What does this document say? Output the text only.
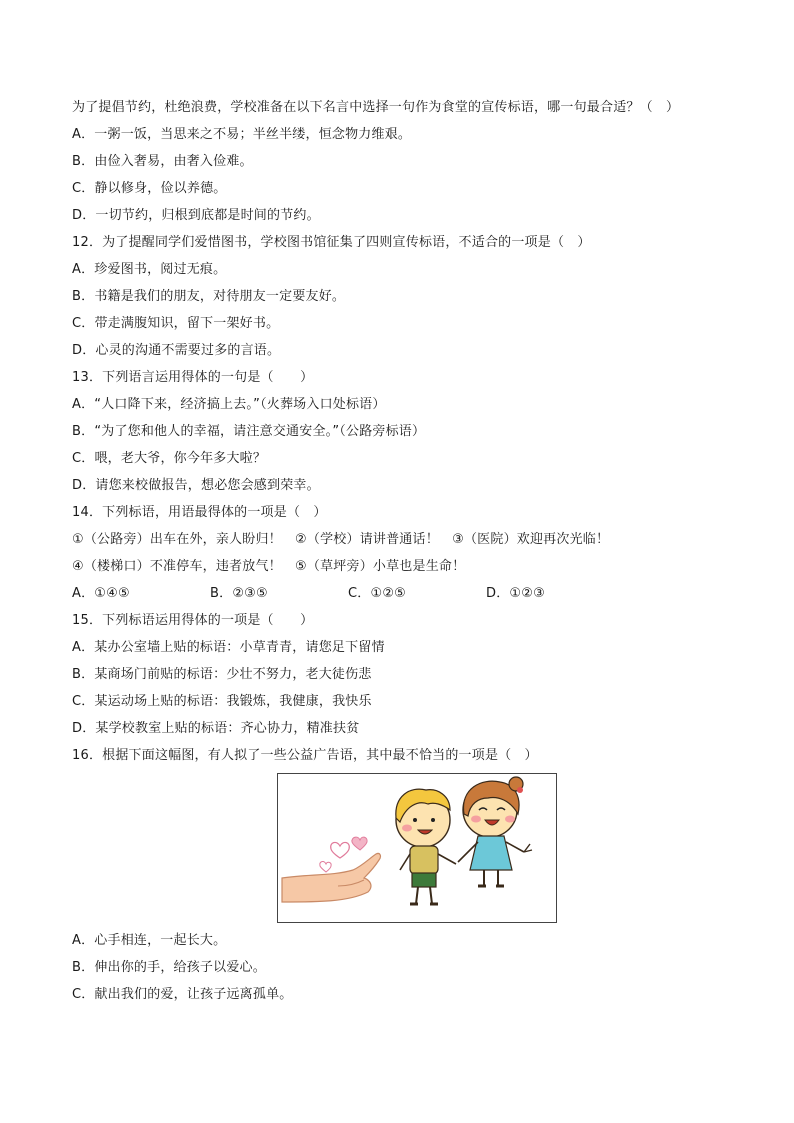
为了提倡节约，杜绝浪费，学校准备在以下名言中选择一句作为食堂的宣传标语，哪一句最合适？（　）
A．一粥一饭，当思来之不易；半丝半缕，恒念物力维艰。
B．由俭入奢易，由奢入俭难。
C．静以修身，俭以养德。
D．一切节约，归根到底都是时间的节约。
12．为了提醒同学们爱惜图书，学校图书馆征集了四则宣传标语，不适合的一项是（　）
A．珍爱图书，阅过无痕。
B．书籍是我们的朋友，对待朋友一定要友好。
C．带走满腹知识，留下一架好书。
D．心灵的沟通不需要过多的言语。
13．下列语言运用得体的一句是（　　）
A．“人口降下来，经济搞上去。”（火葬场入口处标语）
B．“为了您和他人的幸福，请注意交通安全。”（公路旁标语）
C．喂，老大爷，你今年多大啦？
D．请您来校做报告，想必您会感到荣幸。
14．下列标语，用语最得体的一项是（　）
①（公路旁）出车在外，亲人盼归！　②（学校）请讲普通话！　③（医院）欢迎再次光临！
④（楼梯口）不准停车，违者放气！　⑤（草坪旁）小草也是生命！
A．①④⑤	B．②③⑤	C．①②⑤	D．①②③
15．下列标语运用得体的一项是（　　）
A．某办公室墙上贴的标语：小草青青，请您足下留情
B．某商场门前贴的标语：少壮不努力，老大徒伤悲
C．某运动场上贴的标语：我锻炼，我健康，我快乐
D．某学校教室上贴的标语：齐心协力，精准扶贫
16．根据下面这幅图，有人拟了一些公益广告语，其中最不恰当的一项是（　）
A．心手相连，一起长大。
B．伸出你的手，给孩子以爱心。
C．献出我们的爱，让孩子远离孤单。
